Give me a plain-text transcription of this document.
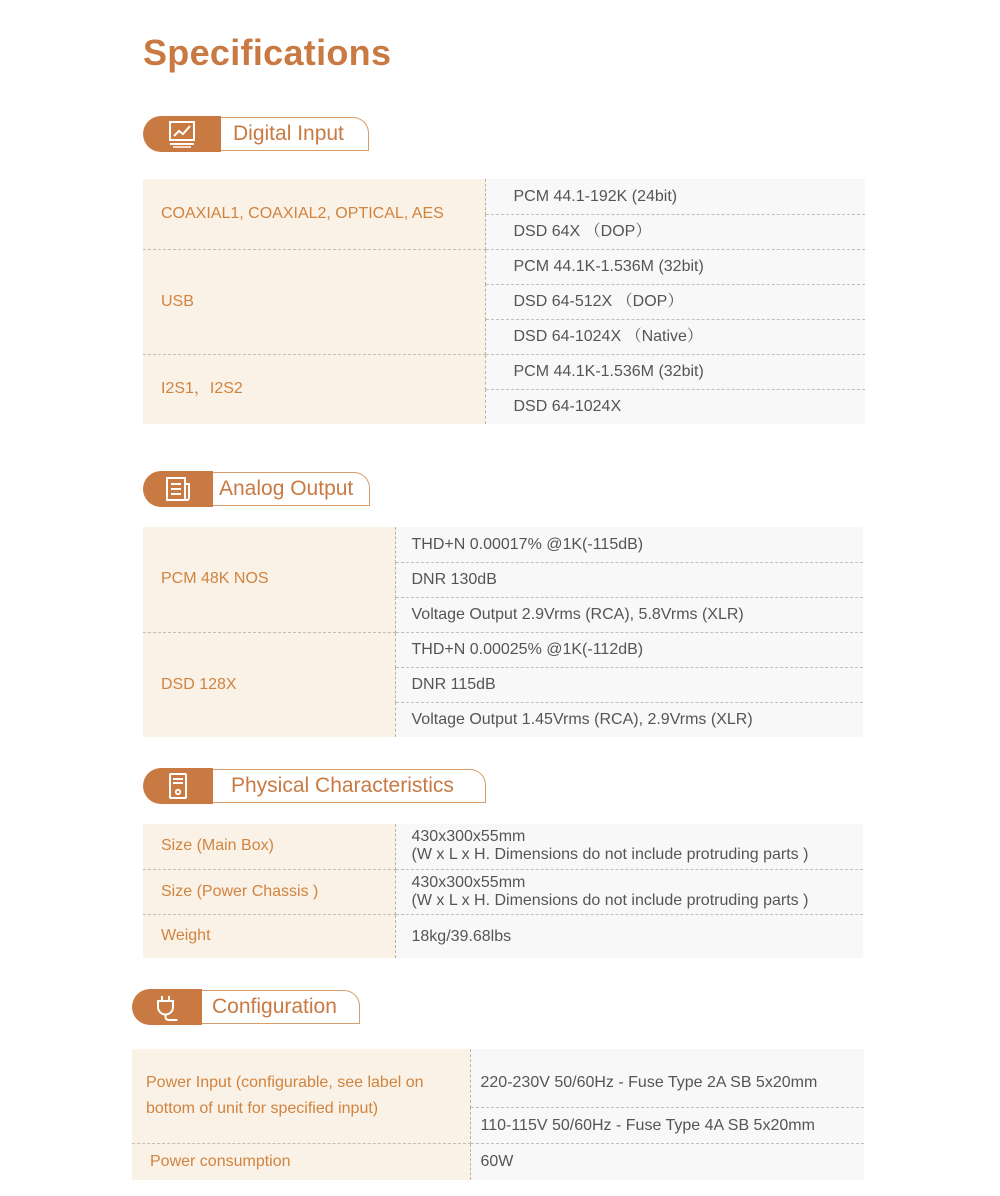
Specifications
Digital Input
COAXIAL1, COAXIAL2, OPTICAL, AES	PCM 44.1-192K (24bit)
	DSD 64X （DOP）
USB	PCM 44.1K-1.536M (32bit)
	DSD 64-512X （DOP）
	DSD 64-1024X （Native）
I2S1，I2S2	PCM 44.1K-1.536M (32bit)
	DSD 64-1024X
Analog Output
PCM 48K NOS	THD+N 0.00017% @1K(-115dB)
	DNR 130dB
	Voltage Output 2.9Vrms (RCA), 5.8Vrms (XLR)
DSD 128X	THD+N 0.00025% @1K(-112dB)
	DNR 115dB
	Voltage Output 1.45Vrms (RCA), 2.9Vrms (XLR)
Physical Characteristics
Size (Main Box)	430x300x55mm
(W x L x H. Dimensions do not include protruding parts )

Size (Power Chassis )	430x300x55mm
(W x L x H. Dimensions do not include protruding parts )

Weight	18kg/39.68lbs
Configuration
Power Input (configurable, see label on bottom of unit for specified input)	220-230V 50/60Hz - Fuse Type 2A SB 5x20mm
	110-115V 50/60Hz - Fuse Type 4A SB 5x20mm
Power consumption	60W
